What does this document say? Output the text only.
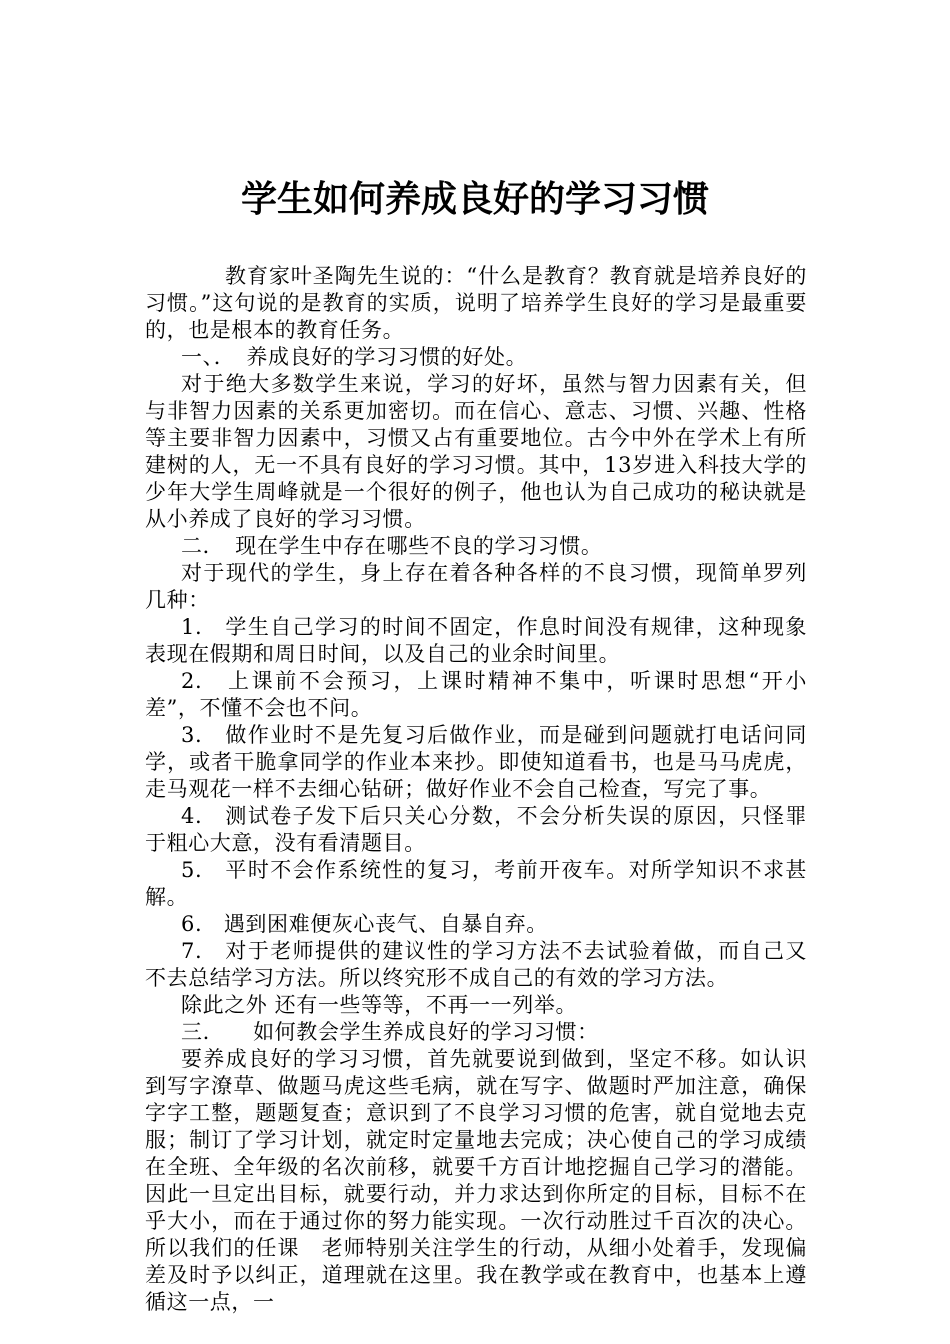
学生如何养成良好的学习习惯

教育家叶圣陶先生说的：“什么是教育？教育就是培养良好的习惯。”这句说的是教育的实质，说明了培养学生良好的学习是最重要的，也是根本的教育任务。

一、．　养成良好的学习习惯的好处。

对于绝大多数学生来说，学习的好坏，虽然与智力因素有关，但与非智力因素的关系更加密切。而在信心、意志、习惯、兴趣、性格等主要非智力因素中，习惯又占有重要地位。古今中外在学术上有所建树的人，无一不具有良好的学习习惯。其中，13岁进入科技大学的少年大学生周峰就是一个很好的例子，他也认为自己成功的秘诀就是从小养成了良好的学习习惯。

二．　现在学生中存在哪些不良的学习习惯。

对于现代的学生，身上存在着各种各样的不良习惯，现简单罗列几种：

1.　学生自己学习的时间不固定，作息时间没有规律，这种现象表现在假期和周日时间，以及自己的业余时间里。

2.　上课前不会预习，上课时精神不集中，听课时思想“开小差”，不懂不会也不问。

3.　做作业时不是先复习后做作业，而是碰到问题就打电话问同学，或者干脆拿同学的作业本来抄。即使知道看书，也是马马虎虎，走马观花一样不去细心钻研；做好作业不会自己检查，写完了事。

4.　测试卷子发下后只关心分数，不会分析失误的原因，只怪罪于粗心大意，没有看清题目。

5.　平时不会作系统性的复习，考前开夜车。对所学知识不求甚解。

6.　遇到困难便灰心丧气、自暴自弃。

7.　对于老师提供的建议性的学习方法不去试验着做，而自己又不去总结学习方法。所以终究形不成自己的有效的学习方法。

除此之外 还有一些等等，不再一一列举。

三.　　如何教会学生养成良好的学习习惯：

要养成良好的学习习惯，首先就要说到做到，坚定不移。如认识到写字潦草、做题马虎这些毛病，就在写字、做题时严加注意，确保字字工整，题题复查；意识到了不良学习习惯的危害，就自觉地去克服；制订了学习计划，就定时定量地去完成；决心使自己的学习成绩在全班、全年级的名次前移，就要千方百计地挖掘自己学习的潜能。因此一旦定出目标，就要行动，并力求达到你所定的目标，目标不在乎大小，而在于通过你的努力能实现。一次行动胜过千百次的决心。所以我们的任课　老师特别关注学生的行动，从细小处着手，发现偏差及时予以纠正，道理就在这里。我在教学或在教育中，也基本上遵循这一点，一
